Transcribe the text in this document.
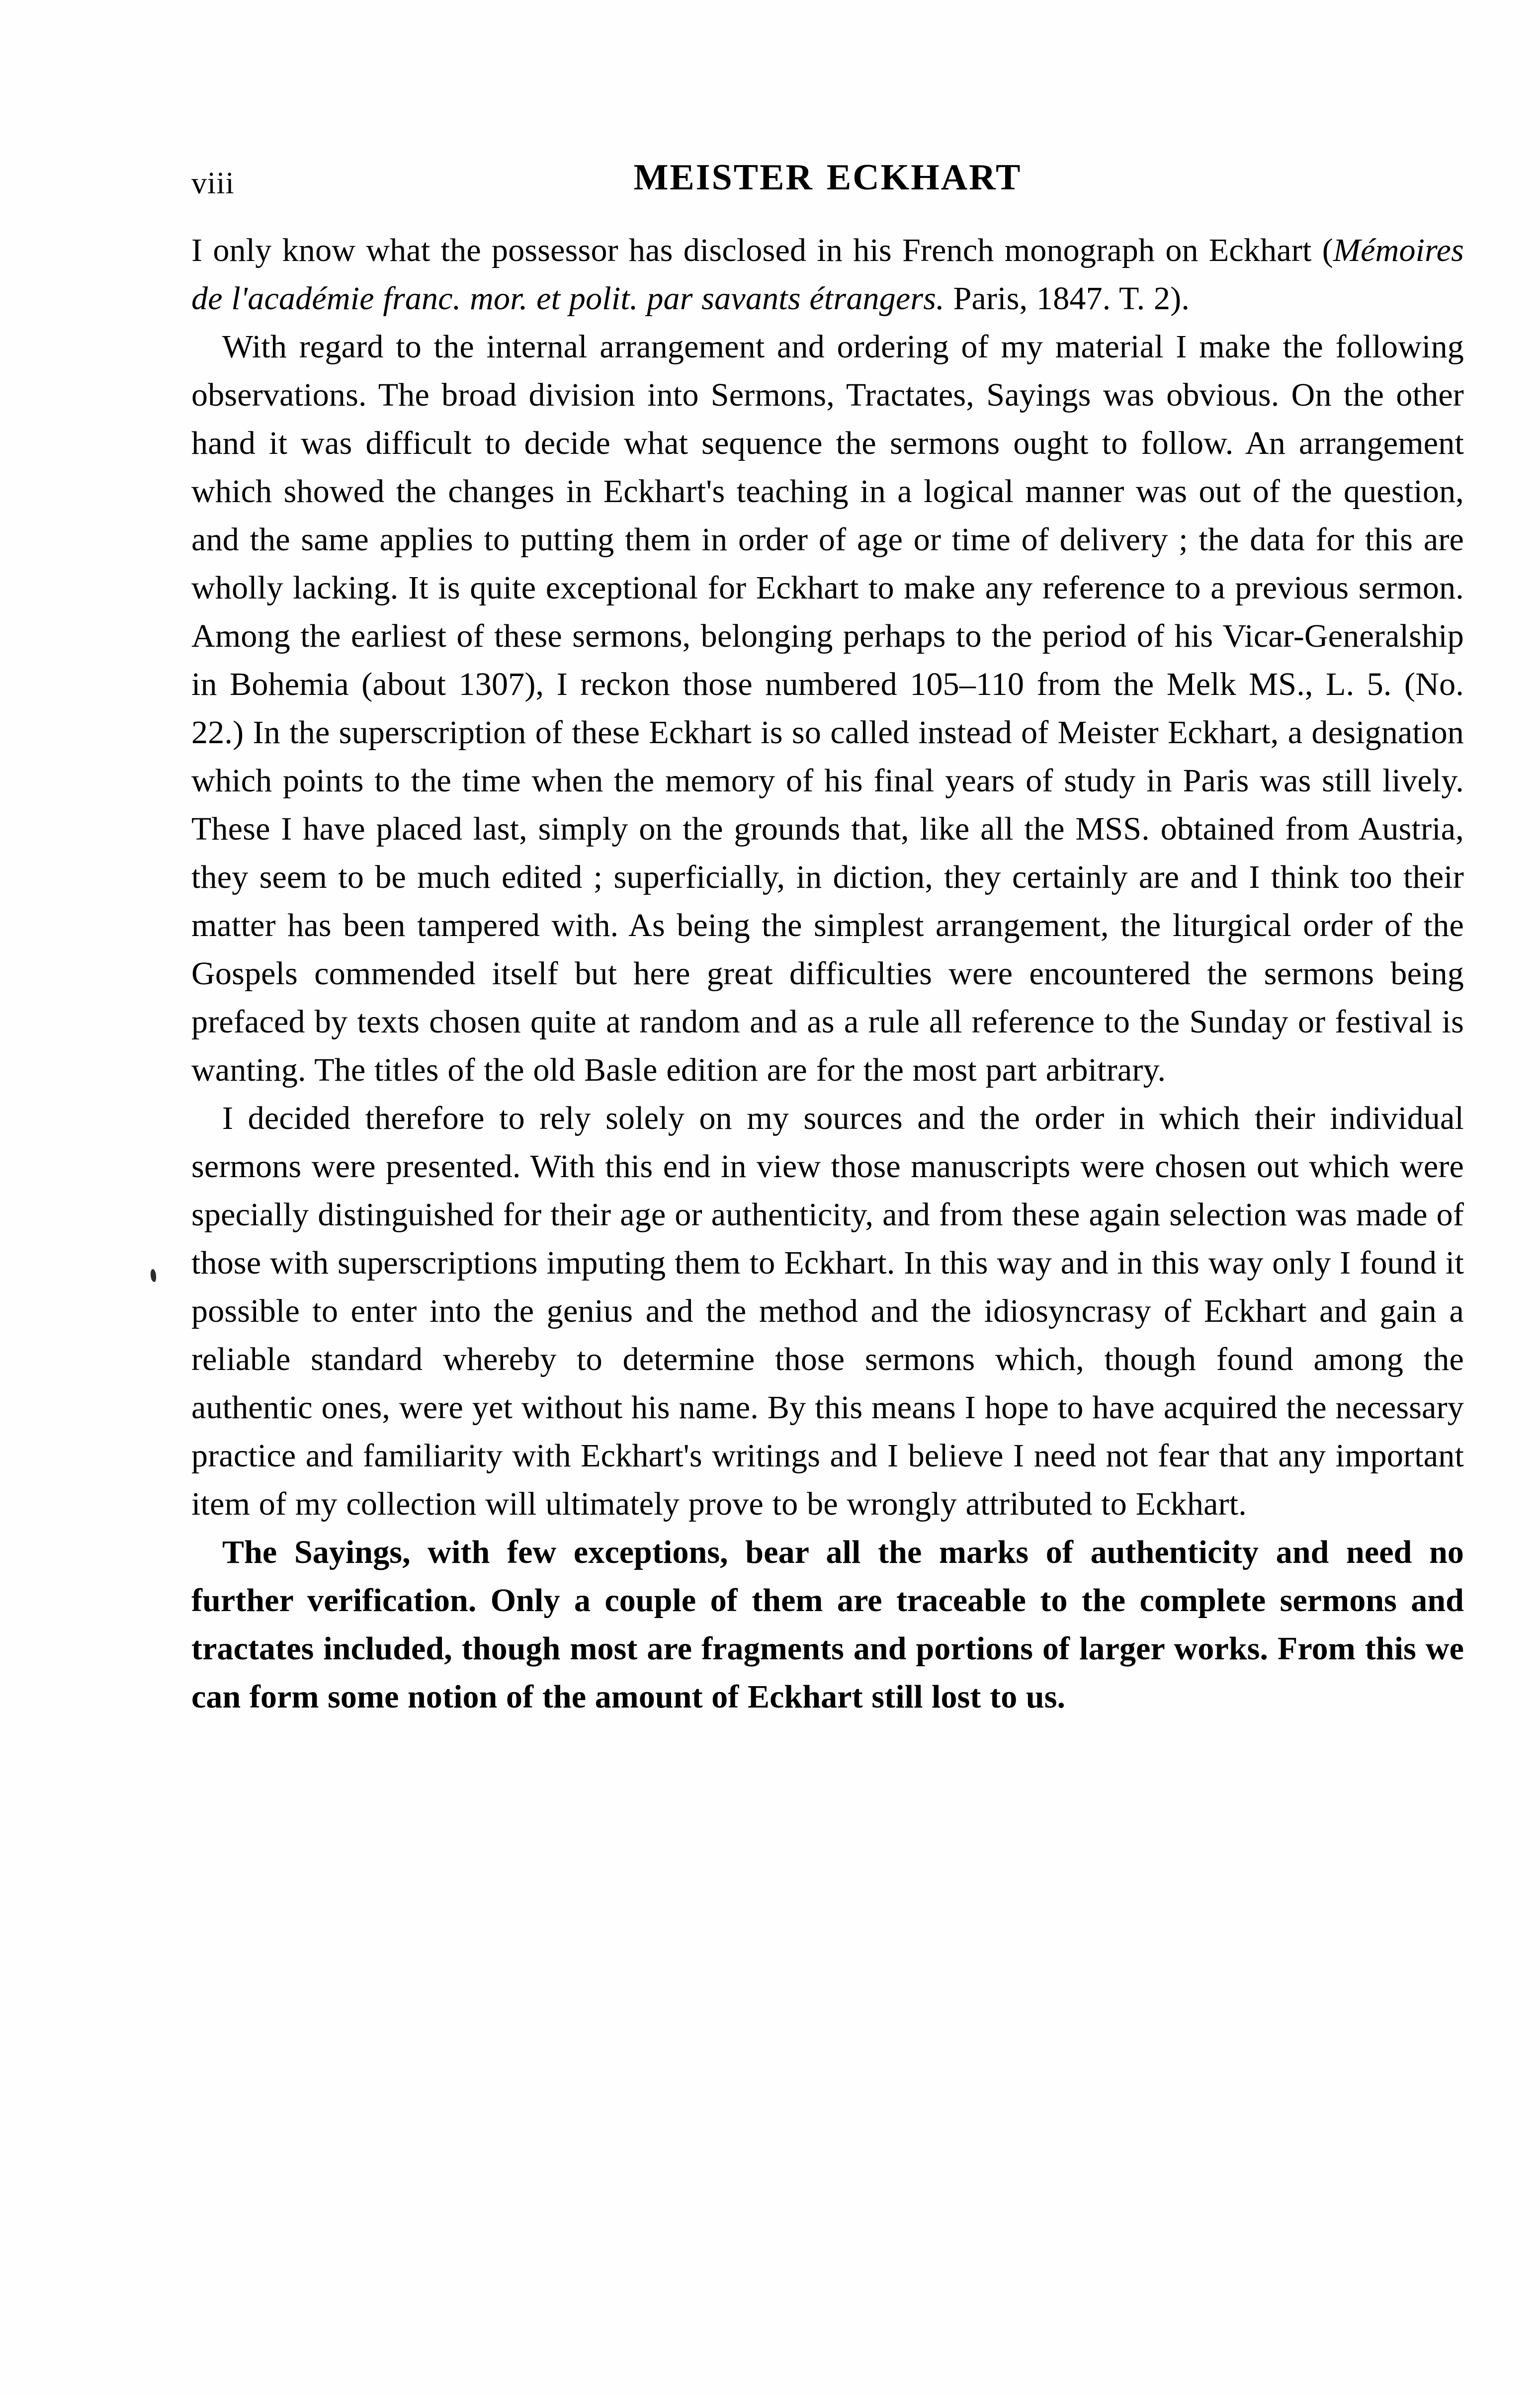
viii	MEISTER ECKHART

I only know what the possessor has disclosed in his French monograph on Eckhart (Mémoires de l'académie franc. mor. et polit. par savants étrangers. Paris, 1847. T. 2).

With regard to the internal arrangement and ordering of my material I make the following observations. The broad division into Sermons, Tractates, Sayings was obvious. On the other hand it was difficult to decide what sequence the sermons ought to follow. An arrangement which showed the changes in Eckhart's teaching in a logical manner was out of the question, and the same applies to putting them in order of age or time of delivery ; the data for this are wholly lacking. It is quite exceptional for Eckhart to make any reference to a previous sermon. Among the earliest of these sermons, belonging perhaps to the period of his Vicar-Generalship in Bohemia (about 1307), I reckon those numbered 105–110 from the Melk MS., L. 5. (No. 22.) In the superscription of these Eckhart is so called instead of Meister Eckhart, a designation which points to the time when the memory of his final years of study in Paris was still lively. These I have placed last, simply on the grounds that, like all the MSS. obtained from Austria, they seem to be much edited ; superficially, in diction, they certainly are and I think too their matter has been tampered with. As being the simplest arrangement, the liturgical order of the Gospels commended itself but here great difficulties were encountered the sermons being prefaced by texts chosen quite at random and as a rule all reference to the Sunday or festival is wanting. The titles of the old Basle edition are for the most part arbitrary.

I decided therefore to rely solely on my sources and the order in which their individual sermons were presented. With this end in view those manuscripts were chosen out which were specially distinguished for their age or authenticity, and from these again selection was made of those with superscriptions imputing them to Eckhart. In this way and in this way only I found it possible to enter into the genius and the method and the idiosyncrasy of Eckhart and gain a reliable standard whereby to determine those sermons which, though found among the authentic ones, were yet without his name. By this means I hope to have acquired the necessary practice and familiarity with Eckhart's writings and I believe I need not fear that any important item of my collection will ultimately prove to be wrongly attributed to Eckhart.

The Sayings, with few exceptions, bear all the marks of authenticity and need no further verification. Only a couple of them are traceable to the complete sermons and tractates included, though most are fragments and portions of larger works. From this we can form some notion of the amount of Eckhart still lost to us.
